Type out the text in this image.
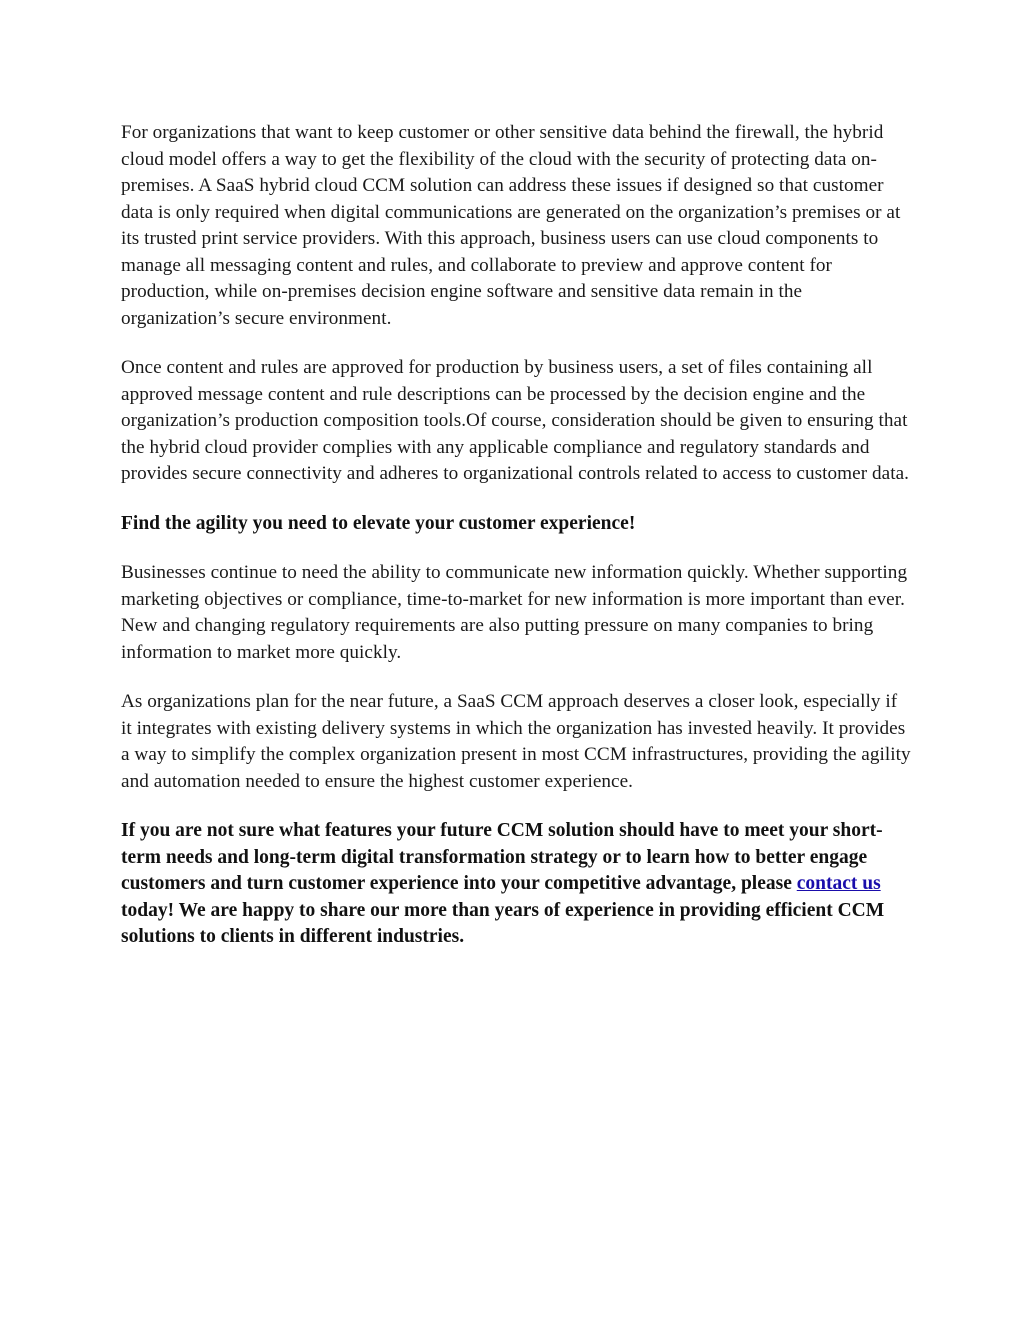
For organizations that want to keep customer or other sensitive data behind the firewall, the hybrid cloud model offers a way to get the flexibility of the cloud with the security of protecting data on-premises. A SaaS hybrid cloud CCM solution can address these issues if designed so that customer data is only required when digital communications are generated on the organization’s premises or at its trusted print service providers. With this approach, business users can use cloud components to manage all messaging content and rules, and collaborate to preview and approve content for production, while on-premises decision engine software and sensitive data remain in the organization’s secure environment.

Once content and rules are approved for production by business users, a set of files containing all approved message content and rule descriptions can be processed by the decision engine and the organization’s production composition tools.Of course, consideration should be given to ensuring that the hybrid cloud provider complies with any applicable compliance and regulatory standards and provides secure connectivity and adheres to organizational controls related to access to customer data.

Find the agility you need to elevate your customer experience!

Businesses continue to need the ability to communicate new information quickly. Whether supporting marketing objectives or compliance, time-to-market for new information is more important than ever. New and changing regulatory requirements are also putting pressure on many companies to bring information to market more quickly.

As organizations plan for the near future, a SaaS CCM approach deserves a closer look, especially if it integrates with existing delivery systems in which the organization has invested heavily. It provides a way to simplify the complex organization present in most CCM infrastructures, providing the agility and automation needed to ensure the highest customer experience.

If you are not sure what features your future CCM solution should have to meet your short-term needs and long-term digital transformation strategy or to learn how to better engage customers and turn customer experience into your competitive advantage, please contact us today! We are happy to share our more than years of experience in providing efficient CCM solutions to clients in different industries.
